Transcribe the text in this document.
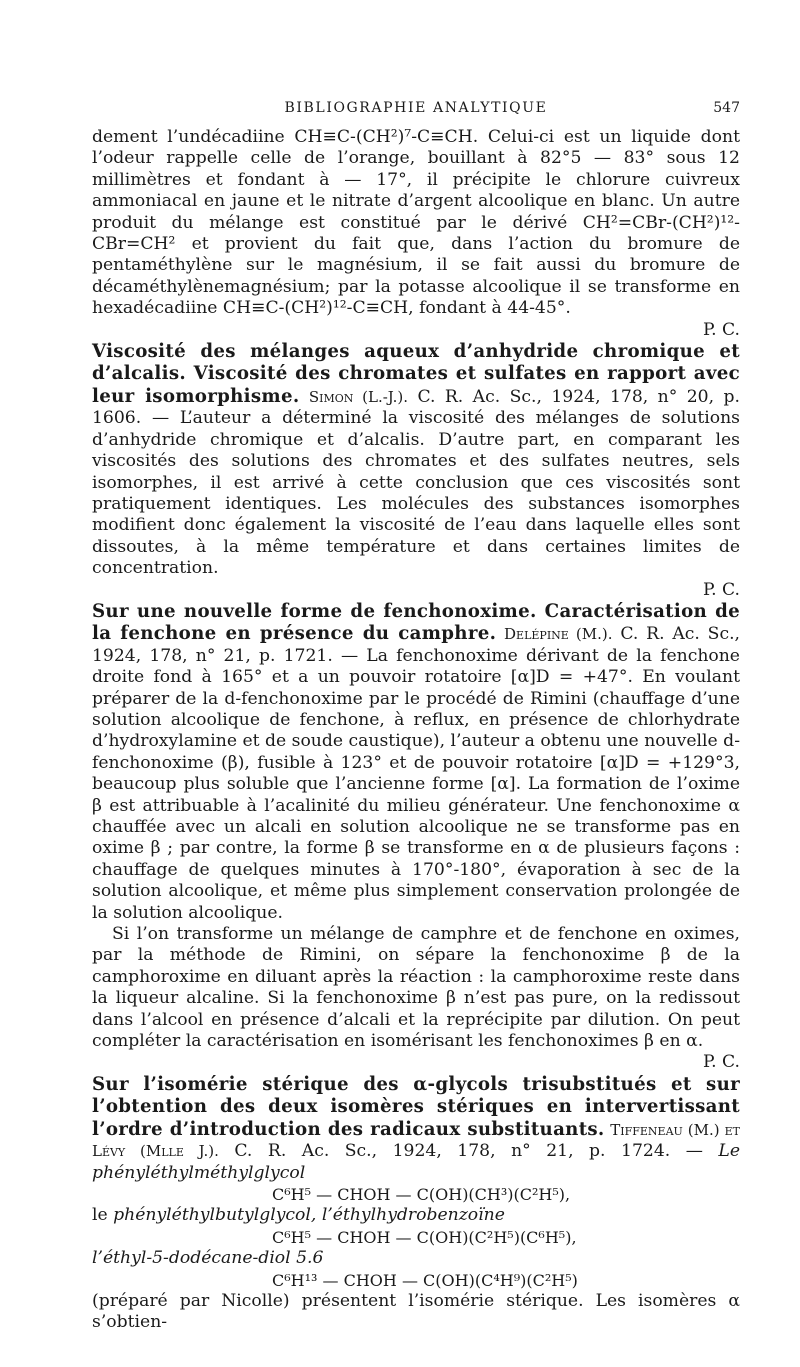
BIBLIOGRAPHIE ANALYTIQUE	547

dement l’undécadiine CH≡C-(CH²)⁷-C≡CH. Celui-ci est un liquide dont l’odeur rappelle celle de l’orange, bouillant à 82°5 — 83° sous 12 millimètres et fondant à — 17°, il précipite le chlorure cuivreux ammoniacal en jaune et le nitrate d’argent alcoolique en blanc. Un autre produit du mélange est constitué par le dérivé CH²=CBr-(CH²)¹²-CBr=CH² et provient du fait que, dans l’action du bromure de pentaméthylène sur le magnésium, il se fait aussi du bromure de décaméthylènemagnésium; par la potasse alcoolique il se transforme en hexadécadiine CH≡C-(CH²)¹²-C≡CH, fondant à 44-45°.

P. C.

Viscosité des mélanges aqueux d’anhydride chromique et d’alcalis. Viscosité des chromates et sulfates en rapport avec leur isomorphisme. Simon (L.-J.). C. R. Ac. Sc., 1924, 178, n° 20, p. 1606. — L’auteur a déterminé la viscosité des mélanges de solutions d’anhydride chromique et d’alcalis. D’autre part, en comparant les viscosités des solutions des chromates et des sulfates neutres, sels isomorphes, il est arrivé à cette conclusion que ces viscosités sont pratiquement identiques. Les molécules des substances isomorphes modifient donc également la viscosité de l’eau dans laquelle elles sont dissoutes, à la même température et dans certaines limites de concentration.

P. C.

Sur une nouvelle forme de fenchonoxime. Caractérisation de la fenchone en présence du camphre. Delépine (M.). C. R. Ac. Sc., 1924, 178, n° 21, p. 1721. — La fenchonoxime dérivant de la fenchone droite fond à 165° et a un pouvoir rotatoire [α]D = +47°. En voulant préparer de la d-fenchonoxime par le procédé de Rimini (chauffage d’une solution alcoolique de fenchone, à reflux, en présence de chlorhydrate d’hydroxylamine et de soude caustique), l’auteur a obtenu une nouvelle d-fenchonoxime (β), fusible à 123° et de pouvoir rotatoire [α]D = +129°3, beaucoup plus soluble que l’ancienne forme [α]. La formation de l’oxime β est attribuable à l’acalinité du milieu générateur. Une fenchonoxime α chauffée avec un alcali en solution alcoolique ne se transforme pas en oxime β ; par contre, la forme β se transforme en α de plusieurs façons : chauffage de quelques minutes à 170°-180°, évaporation à sec de la solution alcoolique, et même plus simplement conservation prolongée de la solution alcoolique.

Si l’on transforme un mélange de camphre et de fenchone en oximes, par la méthode de Rimini, on sépare la fenchonoxime β de la camphoroxime en diluant après la réaction : la camphoroxime reste dans la liqueur alcaline. Si la fenchonoxime β n’est pas pure, on la redissout dans l’alcool en présence d’alcali et la reprécipite par dilution. On peut compléter la caractérisation en isomérisant les fenchonoximes β en α.

P. C.

Sur l’isomérie stérique des α-glycols trisubstitués et sur l’obtention des deux isomères stériques en intervertissant l’ordre d’introduction des radicaux substituants. Tiffeneau (M.) et Lévy (Mlle J.). C. R. Ac. Sc., 1924, 178, n° 21, p. 1724. — Le phényléthylméthylglycol

C⁶H⁵ — CHOH — C(OH)(CH³)(C²H⁵),

le phényléthylbutylglycol, l’éthylhydrobenzoïne

C⁶H⁵ — CHOH — C(OH)(C²H⁵)(C⁶H⁵),

l’éthyl-5-dodécane-diol 5.6

C⁶H¹³ — CHOH — C(OH)(C⁴H⁹)(C²H⁵)

(préparé par Nicolle) présentent l’isomérie stérique. Les isomères α s’obtien-
